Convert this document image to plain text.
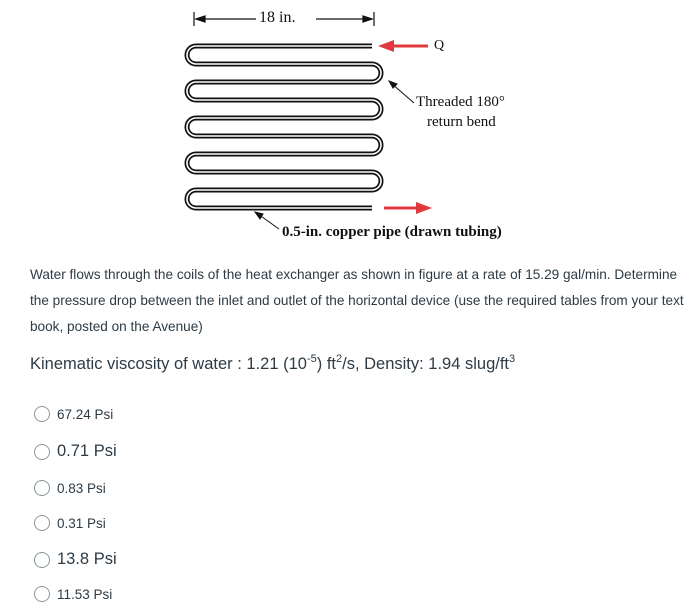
18 in.
Q
Threaded 180°
return bend
0.5-in. copper pipe (drawn tubing)
Water flows through the coils of the heat exchanger as shown in figure at a rate of 15.29 gal/min. Determine the pressure drop between the inlet and outlet of the horizontal device (use the required tables from your text book, posted on the Avenue)
Kinematic viscosity of water : 1.21 $(10^{-5})$ $ft^2/s$, Density: 1.94 slug/$ft^3$
67.24 Psi
0.71 Psi
0.83 Psi
0.31 Psi
13.8 Psi
11.53 Psi
